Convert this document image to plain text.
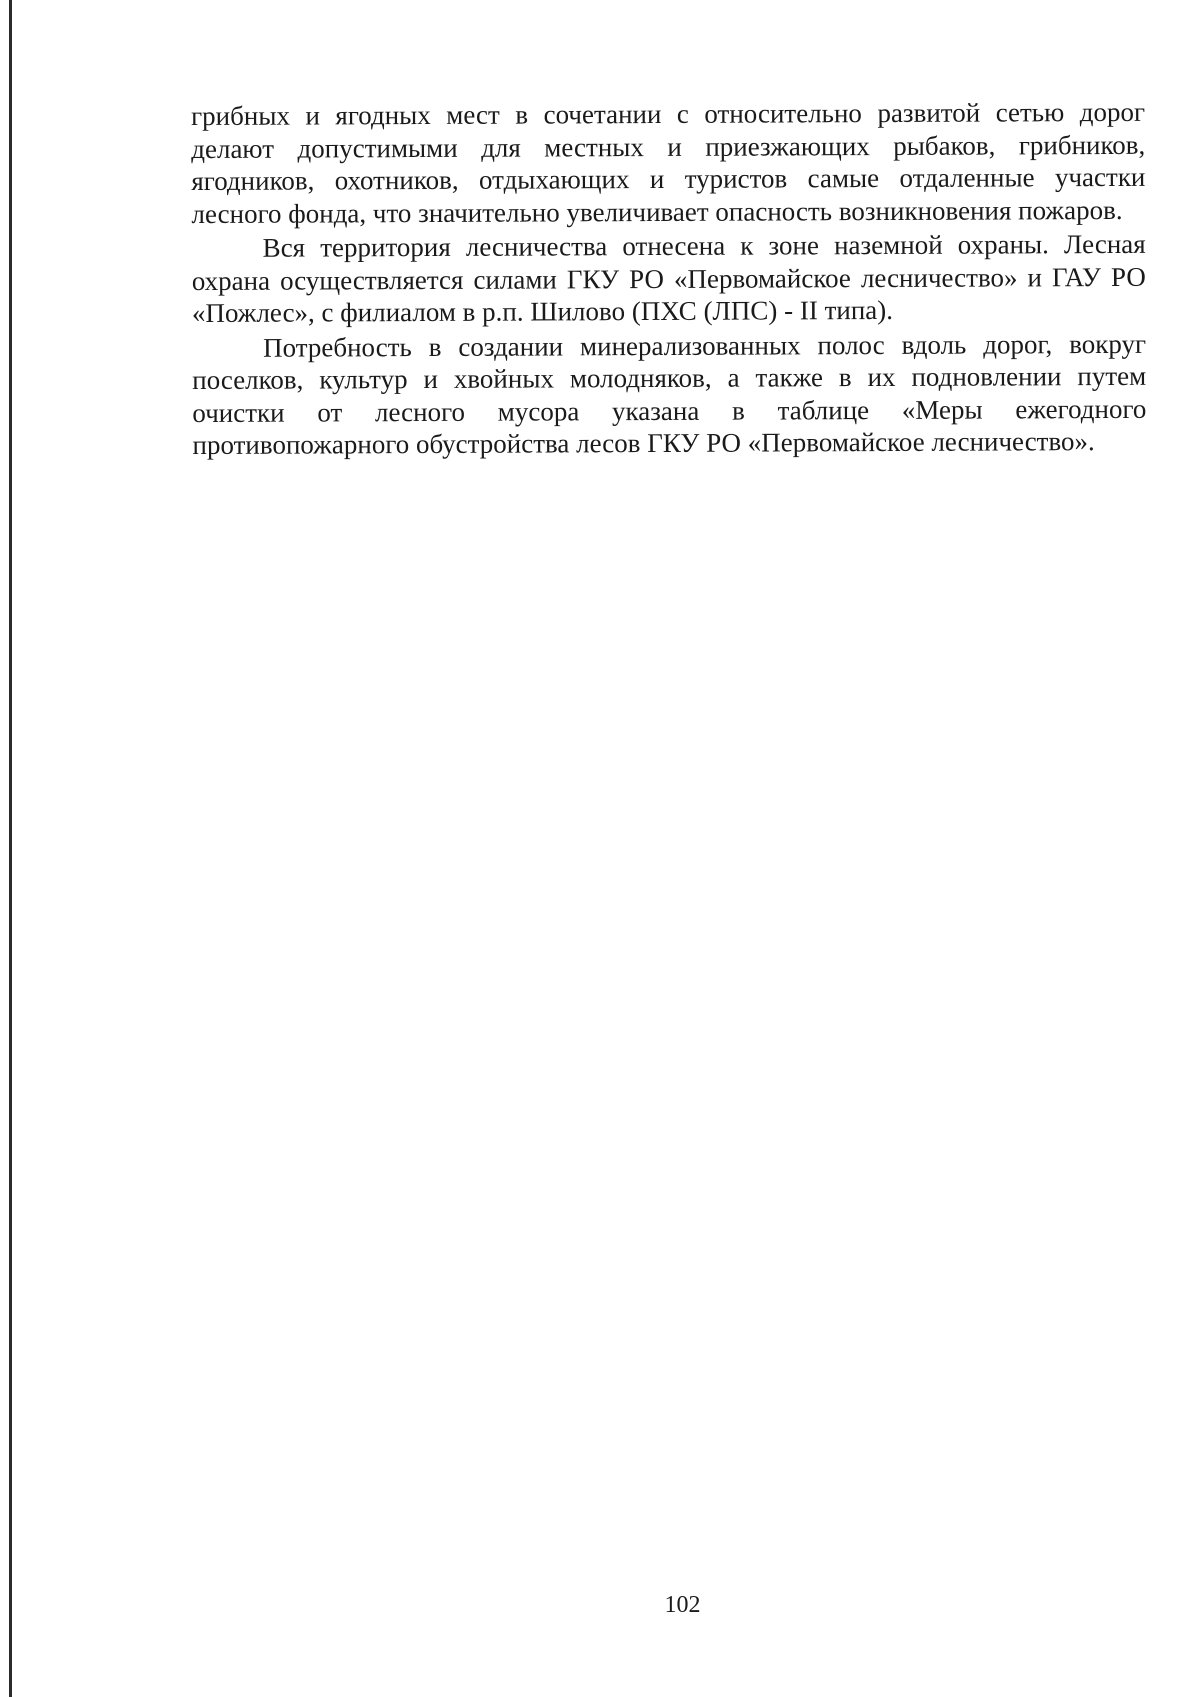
грибных и ягодных мест в сочетании с относительно развитой сетью дорог делают допустимыми для местных и приезжающих рыбаков, грибников, ягодников, охотников, отдыхающих и туристов самые отдаленные участки лесного фонда, что значительно увеличивает опасность возникновения пожаров.

Вся территория лесничества отнесена к зоне наземной охраны. Лесная охрана осуществляется силами ГКУ РО «Первомайское лесничество» и ГАУ РО «Пожлес», с филиалом в р.п. Шилово (ПХС (ЛПС) - II типа).

Потребность в создании минерализованных полос вдоль дорог, вокруг поселков, культур и хвойных молодняков, а также в их подновлении путем очистки от лесного мусора указана в таблице «Меры ежегодного противопожарного обустройства лесов ГКУ РО «Первомайское лесничество».

102
